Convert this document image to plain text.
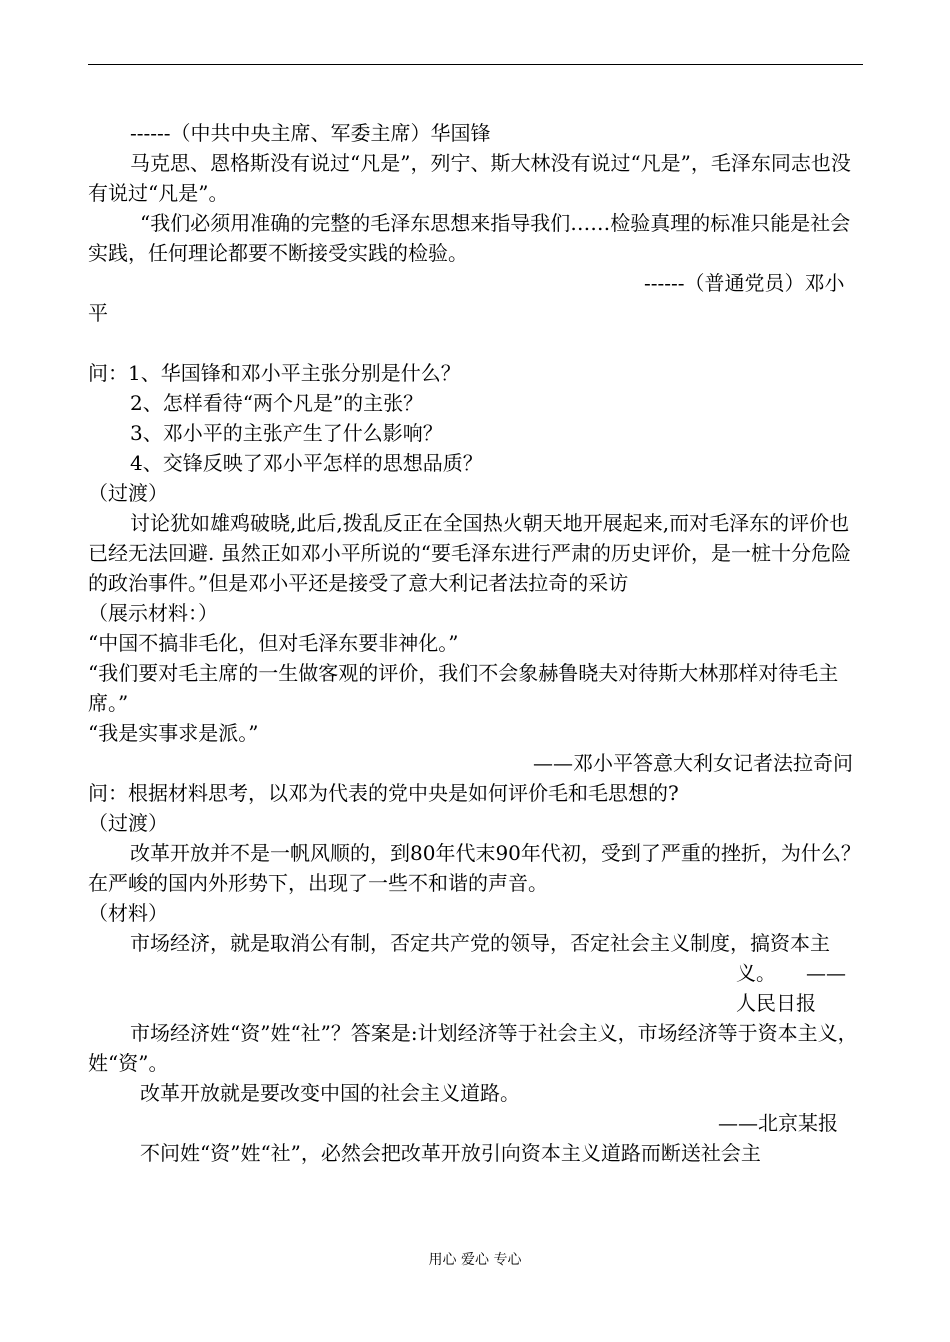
------（中共中央主席、军委主席）华国锋

马克思、恩格斯没有说过“凡是”，列宁、斯大林没有说过“凡是”，毛泽东同志也没有说过“凡是”。

“我们必须用准确的完整的毛泽东思想来指导我们……检验真理的标准只能是社会实践，任何理论都要不断接受实践的检验。

------（普通党员）邓小平

问：1、华国锋和邓小平主张分别是什么？

2、怎样看待“两个凡是”的主张？

3、邓小平的主张产生了什么影响？

4、交锋反映了邓小平怎样的思想品质？

（过渡）

讨论犹如雄鸡破晓,此后,拨乱反正在全国热火朝天地开展起来,而对毛泽东的评价也已经无法回避. 虽然正如邓小平所说的“要毛泽东进行严肃的历史评价，是一桩十分危险的政治事件。”但是邓小平还是接受了意大利记者法拉奇的采访

（展示材料：）

“中国不搞非毛化，但对毛泽东要非神化。”

“我们要对毛主席的一生做客观的评价，我们不会象赫鲁晓夫对待斯大林那样对待毛主席。”

“我是实事求是派。”

——邓小平答意大利女记者法拉奇问

问：根据材料思考，以邓为代表的党中央是如何评价毛和毛思想的?

（过渡）

改革开放并不是一帆风顺的，到80年代末90年代初，受到了严重的挫折，为什么？

在严峻的国内外形势下，出现了一些不和谐的声音。

（材料）

市场经济，就是取消公有制，否定共产党的领导，否定社会主义制度，搞资本主

义。　　——

人民日报

市场经济姓“资”姓“社”？答案是:计划经济等于社会主义，市场经济等于资本主义，姓“资”。

改革开放就是要改变中国的社会主义道路。

——北京某报

不问姓“资”姓“社”，必然会把改革开放引向资本主义道路而断送社会主

用心 爱心 专心
